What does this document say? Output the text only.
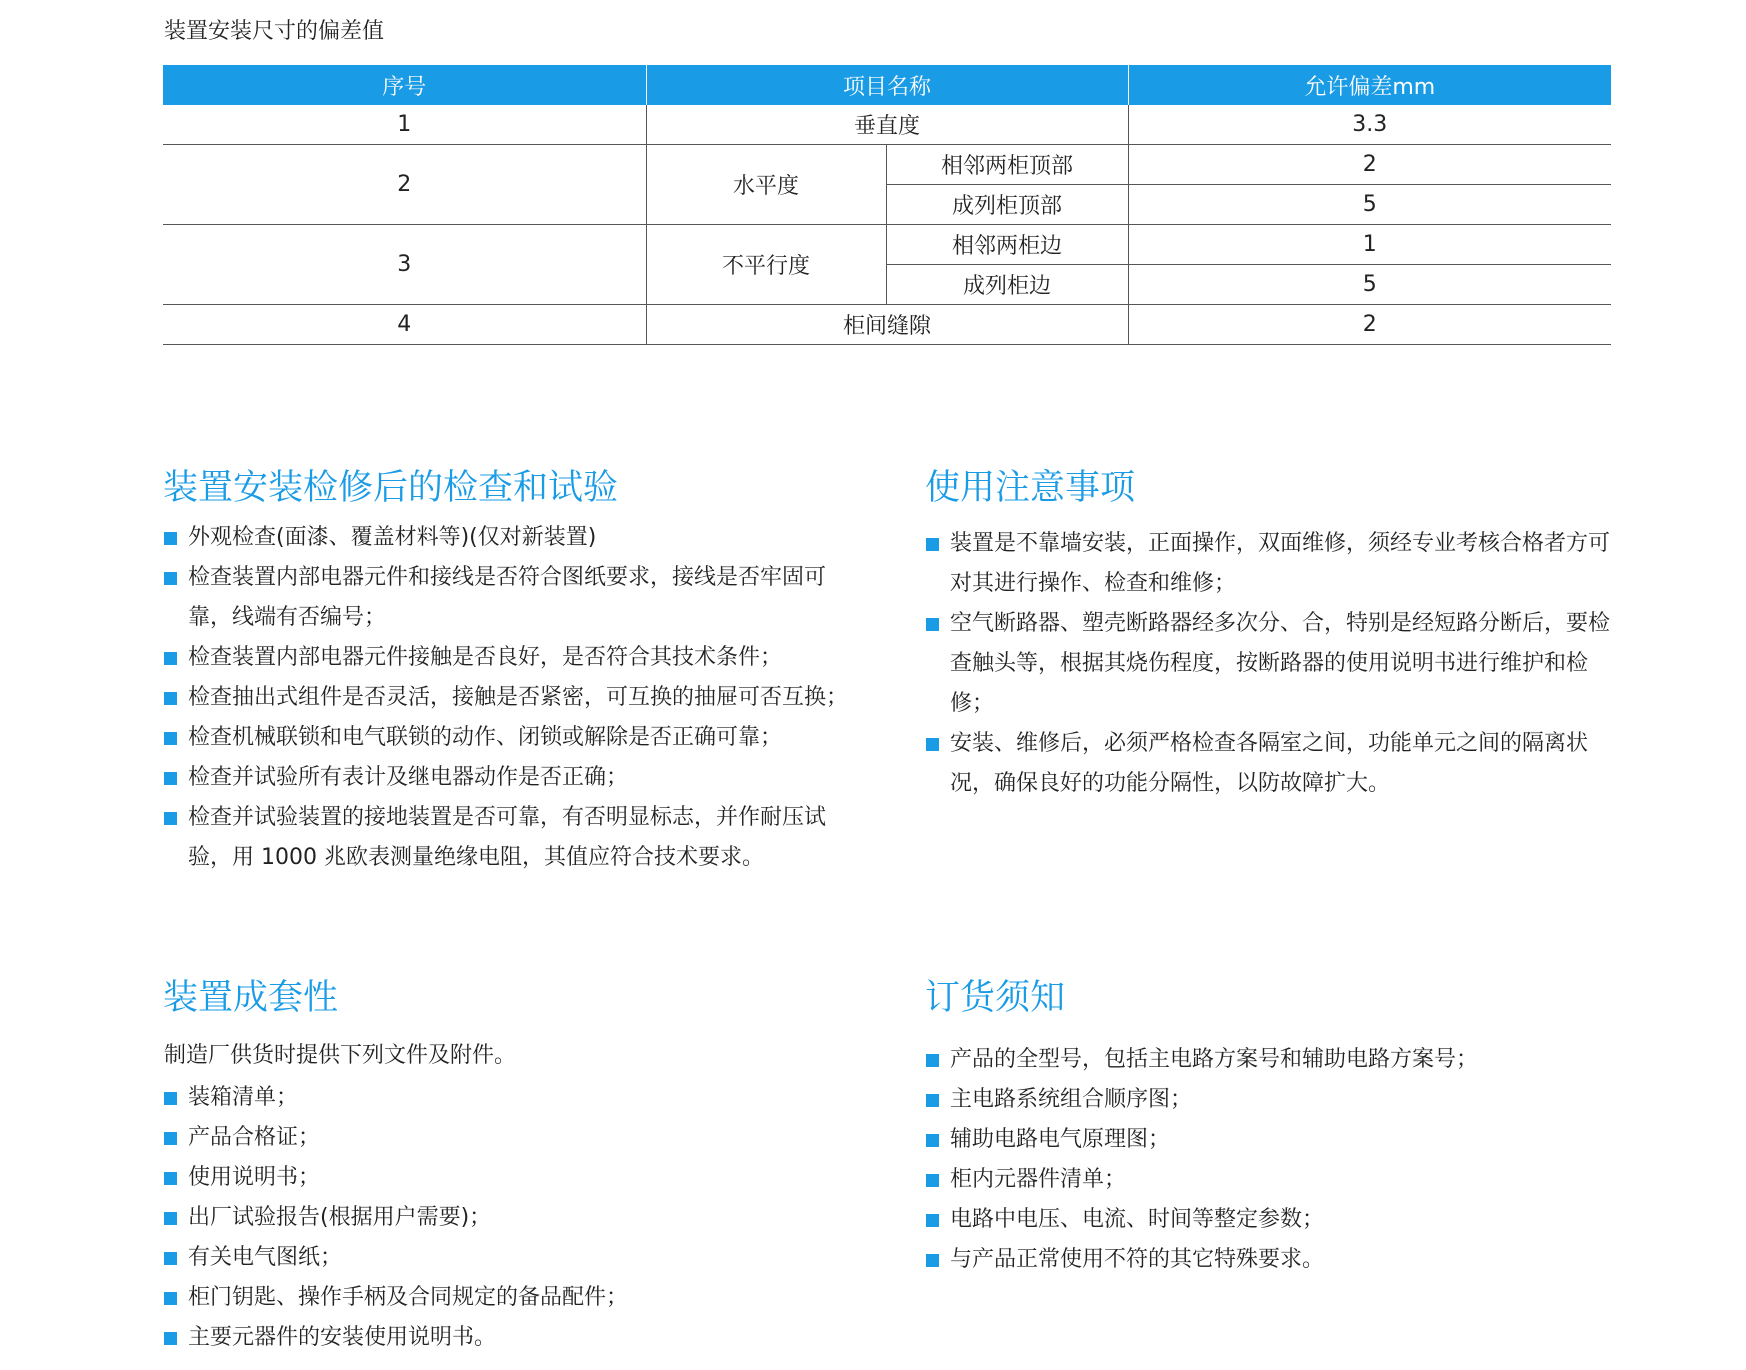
装置安装尺寸的偏差值
序号	项目名称		允许偏差mm
1	垂直度		3.3
2	水平度	相邻两柜顶部	2
		成列柜顶部	5
3	不平行度	相邻两柜边	1
		成列柜边	5
4	柜间缝隙		2
装置安装检修后的检查和试验
外观检查(面漆、覆盖材料等)(仅对新装置)
检查装置内部电器元件和接线是否符合图纸要求，接线是否牢固可靠，线端有否编号；
检查装置内部电器元件接触是否良好，是否符合其技术条件；
检查抽出式组件是否灵活，接触是否紧密，可互换的抽屉可否互换；
检查机械联锁和电气联锁的动作、闭锁或解除是否正确可靠；
检查并试验所有表计及继电器动作是否正确；
检查并试验装置的接地装置是否可靠，有否明显标志，并作耐压试验，用 1000 兆欧表测量绝缘电阻，其值应符合技术要求。
使用注意事项
装置是不靠墙安装，正面操作，双面维修，须经专业考核合格者方可对其进行操作、检查和维修；
空气断路器、塑壳断路器经多次分、合，特别是经短路分断后，要检查触头等，根据其烧伤程度，按断路器的使用说明书进行维护和检修；
安装、维修后，必须严格检查各隔室之间，功能单元之间的隔离状况，确保良好的功能分隔性，以防故障扩大。
装置成套性
制造厂供货时提供下列文件及附件。
装箱清单；
产品合格证；
使用说明书；
出厂试验报告(根据用户需要)；
有关电气图纸；
柜门钥匙、操作手柄及合同规定的备品配件；
主要元器件的安装使用说明书。
订货须知
产品的全型号，包括主电路方案号和辅助电路方案号；
主电路系统组合顺序图；
辅助电路电气原理图；
柜内元器件清单；
电路中电压、电流、时间等整定参数；
与产品正常使用不符的其它特殊要求。
